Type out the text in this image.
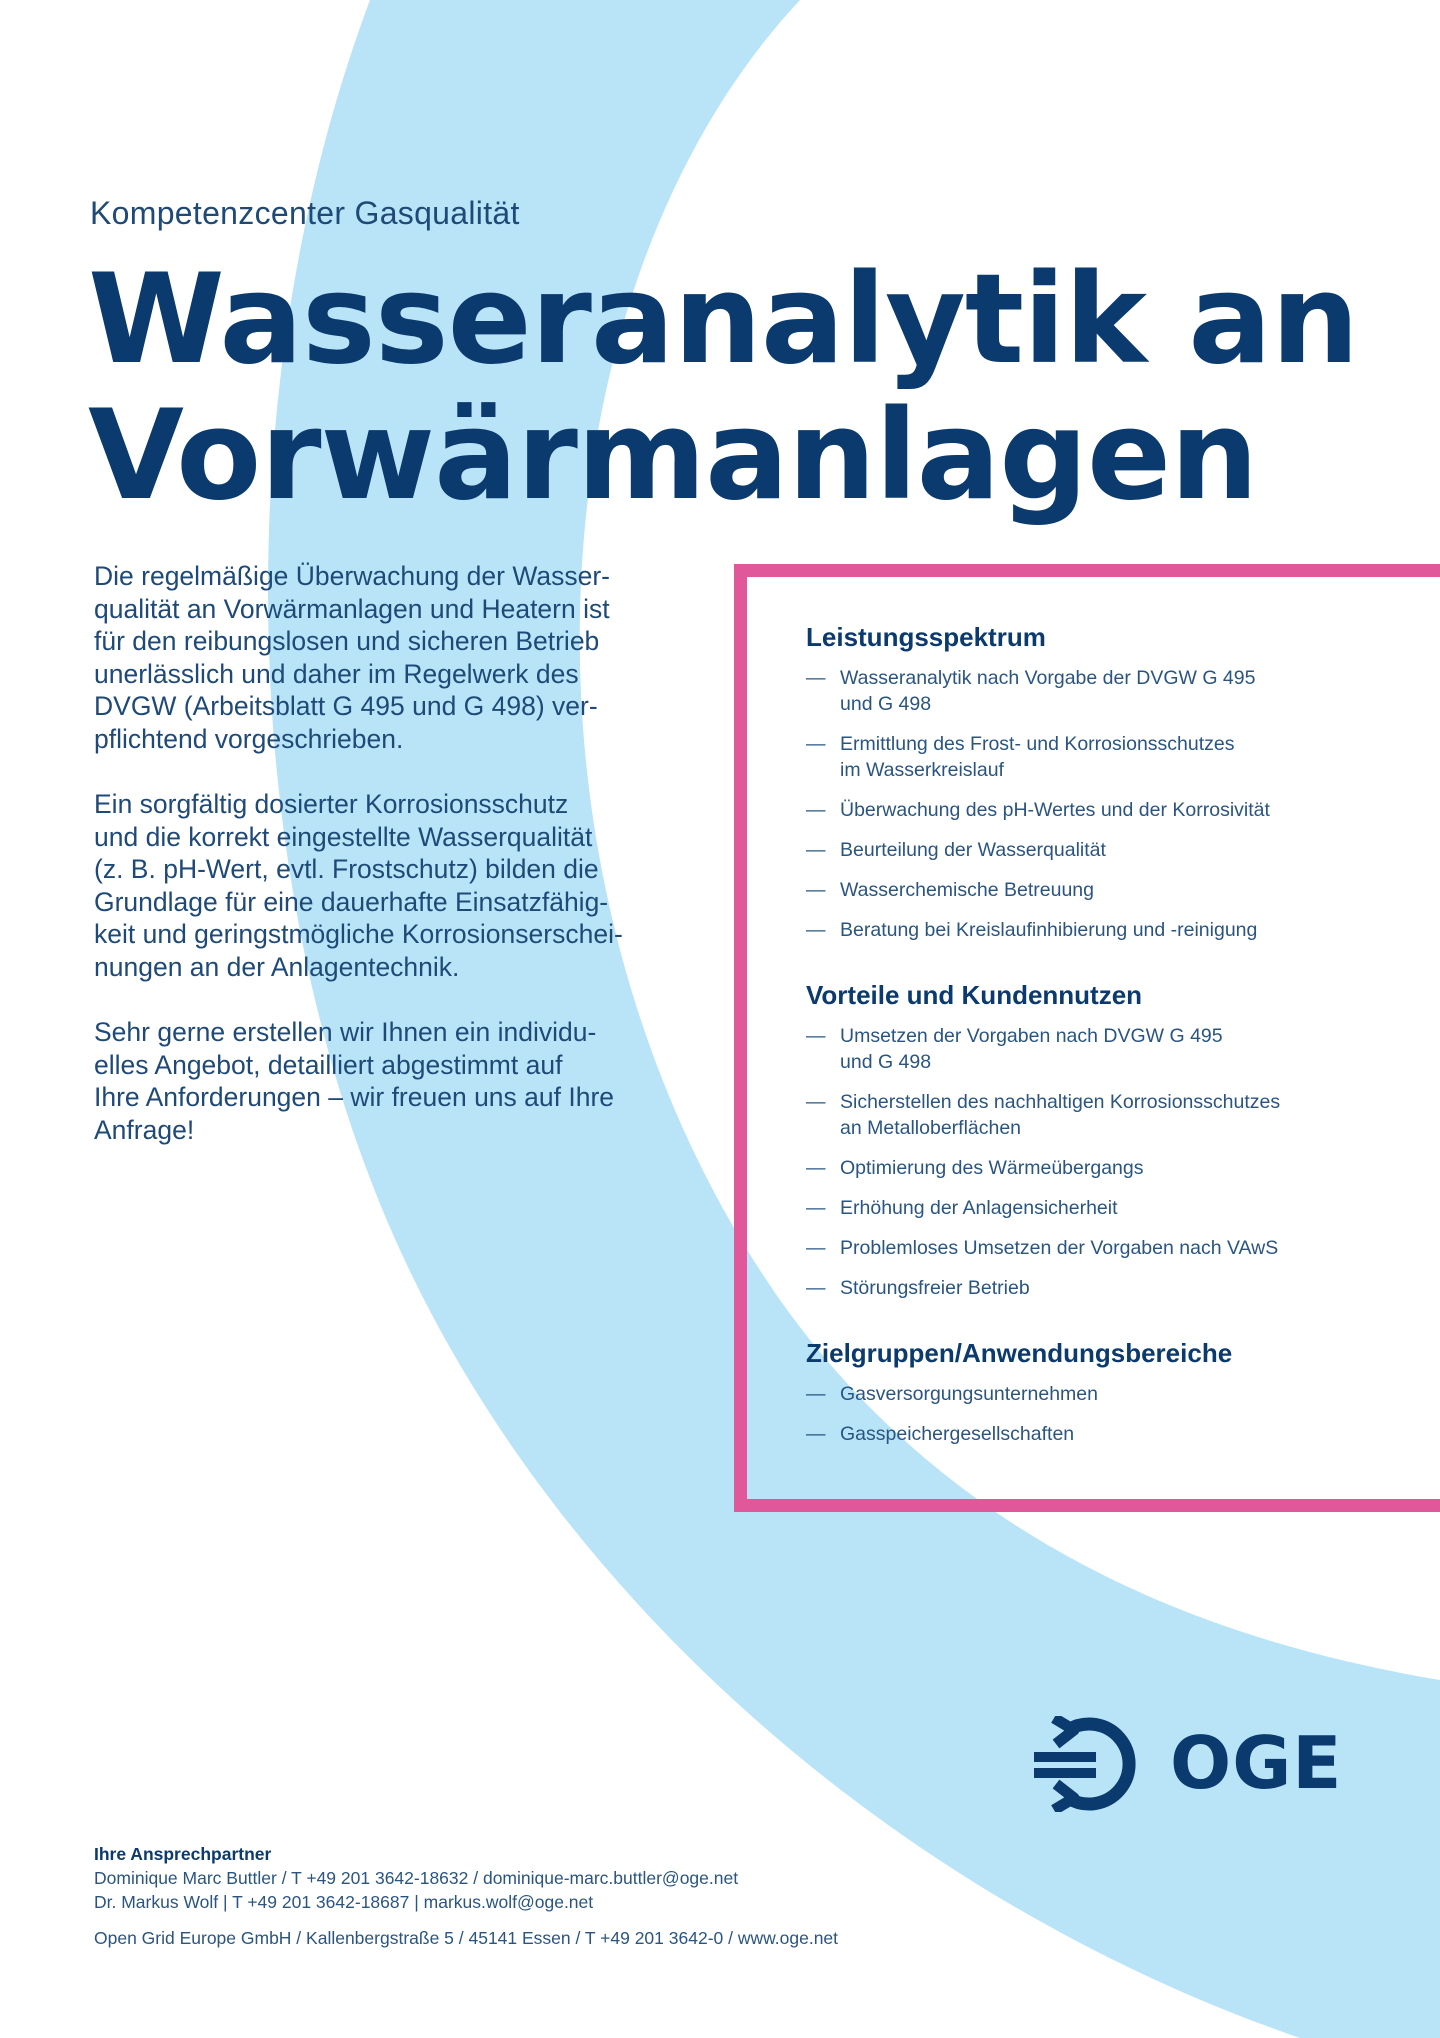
Kompetenzcenter Gasqualität
Wasseranalytik an
Vorwärmanlagen

Die regelmäßige Überwachung der Wasser-
qualität an Vorwärmanlagen und Heatern ist
für den reibungslosen und sicheren Betrieb
unerlässlich und daher im Regelwerk des
DVGW (Arbeitsblatt G 495 und G 498) ver-
pflichtend vorgeschrieben.

Ein sorgfältig dosierter Korrosionsschutz
und die korrekt eingestellte Wasserqualität
(z. B. pH-Wert, evtl. Frostschutz) bilden die
Grundlage für eine dauerhafte Einsatzfähig-
keit und geringstmögliche Korrosionserschei-
nungen an der Anlagentechnik.

Sehr gerne erstellen wir Ihnen ein individu-
elles Angebot, detailliert abgestimmt auf
Ihre Anforderungen – wir freuen uns auf Ihre
Anfrage!

Leistungsspektrum
— Wasseranalytik nach Vorgabe der DVGW G 495
und G 498
— Ermittlung des Frost- und Korrosionsschutzes
im Wasserkreislauf
— Überwachung des pH-Wertes und der Korrosivität
— Beurteilung der Wasserqualität
— Wasserchemische Betreuung
— Beratung bei Kreislaufinhibierung und -reinigung
Vorteile und Kundennutzen
— Umsetzen der Vorgaben nach DVGW G 495
und G 498
— Sicherstellen des nachhaltigen Korrosionsschutzes
an Metalloberflächen
— Optimierung des Wärmeübergangs
— Erhöhung der Anlagensicherheit
— Problemloses Umsetzen der Vorgaben nach VAwS
— Störungsfreier Betrieb
Zielgruppen/Anwendungsbereiche
— Gasversorgungsunternehmen
— Gasspeichergesellschaften
OGE
Ihre Ansprechpartner
Dominique Marc Buttler / T +49 201 3642-18632 / dominique-marc.buttler@oge.net
Dr. Markus Wolf | T +49 201 3642-18687 | markus.wolf@oge.net
Open Grid Europe GmbH / Kallenbergstraße 5 / 45141 Essen / T +49 201 3642-0 / www.oge.net
